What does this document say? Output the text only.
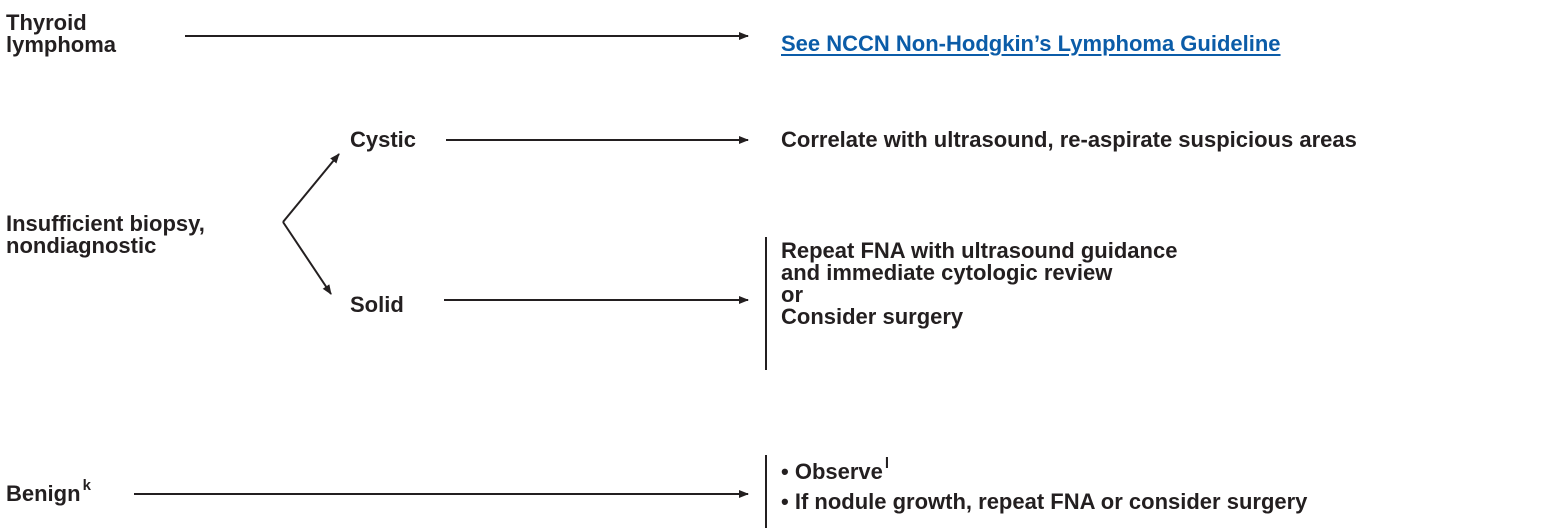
Thyroid
lymphoma	See NCCN Non-Hodgkin’s Lymphoma Guideline
Insufficient biopsy,
nondiagnostic
Cystic	Correlate with ultrasound, re-aspirate suspicious areas
Solid
Repeat FNA with ultrasound guidance
and immediate cytologic review
or
Consider surgery
Benign $^k$
• Observe $^l$
• If nodule growth, repeat FNA or consider surgery
